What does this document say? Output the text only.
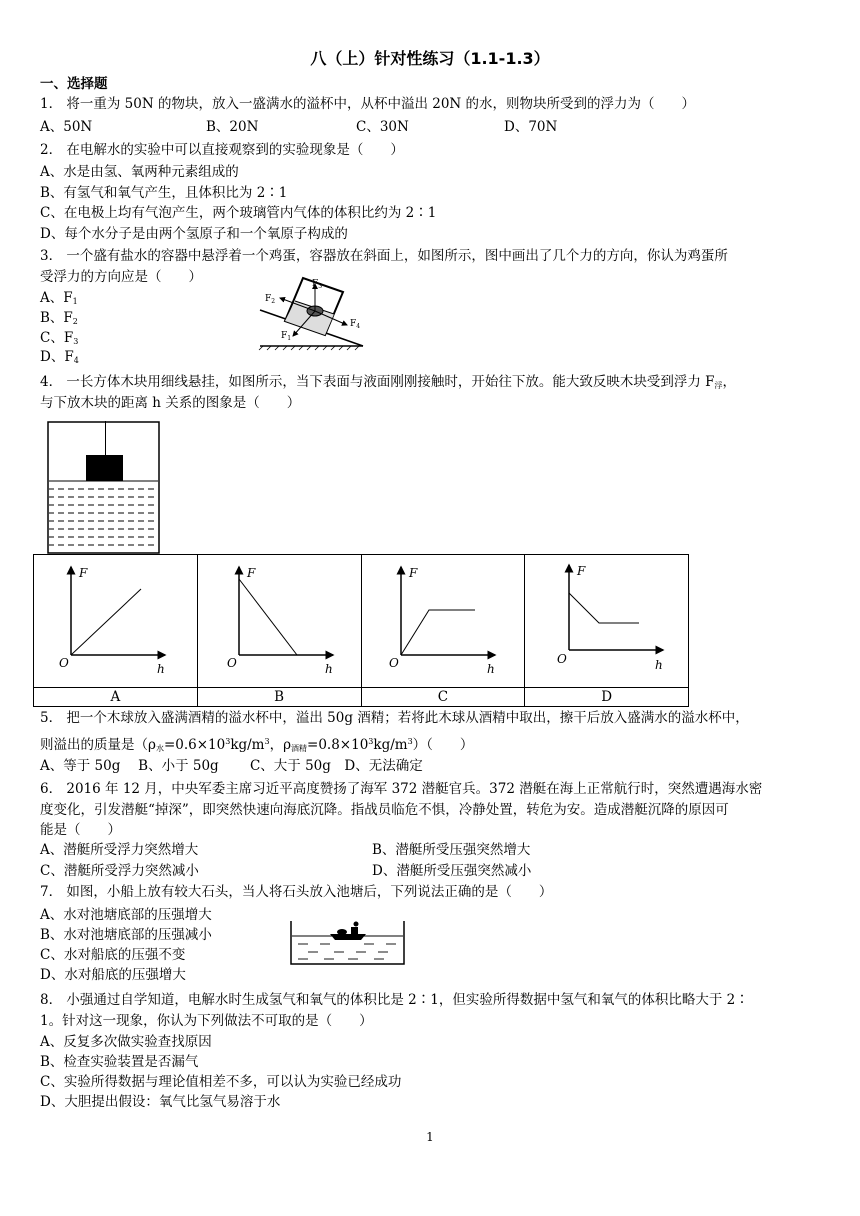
八（上）针对性练习（1.1-1.3）
一、选择题
1． 将一重为 50N 的物块，放入一盛满水的溢杯中，从杯中溢出 20N 的水，则物块所受到的浮力为（　　）
A、50N	B、20N	C、30N	D、70N
2． 在电解水的实验中可以直接观察到的实验现象是（　　）
A、水是由氢、氧两种元素组成的
B、有氢气和氧气产生，且体积比为 2∶1
C、在电极上均有气泡产生，两个玻璃管内气体的体积比约为 2∶1
D、每个水分子是由两个氢原子和一个氧原子构成的
3． 一个盛有盐水的容器中悬浮着一个鸡蛋，容器放在斜面上，如图所示，图中画出了几个力的方向，你认为鸡蛋所
受浮力的方向应是（　　）
A、$F_1$
B、$F_2$
C、$F_3$
D、$F_4$
$F_3$
$F_2$
$F_4$
$F_1$
4． 一长方体木块用细线悬挂，如图所示，当下表面与液面刚刚接触时，开始往下放。能大致反映木块受到浮力 $F_浮$，
与下放木块的距离 h 关系的图象是（　　）
F
h
O	F
h
O	F
h
O	F
h
O

A	B	C	D
5． 把一个木球放入盛满酒精的溢水杯中，溢出 50g 酒精；若将此木球从酒精中取出，擦干后放入盛满水的溢水杯中，
则溢出的质量是（$\rho_水=0.6\times 10^3kg/m^3$，$\rho_{酒精}=0.8\times 10^3kg/m^3$）（　　）
A、等于 50g　 B、小于 50g　　 C、大于 50g　D、无法确定
6． 2016 年 12 月，中央军委主席习近平高度赞扬了海军 372 潜艇官兵。372 潜艇在海上正常航行时，突然遭遇海水密
度变化，引发潜艇“掉深”，即突然快速向海底沉降。指战员临危不惧，冷静处置，转危为安。造成潜艇沉降的原因可
能是（　　）
A、潜艇所受浮力突然增大	B、潜艇所受压强突然增大
C、潜艇所受浮力突然减小	D、潜艇所受压强突然减小
7． 如图，小船上放有较大石头，当人将石头放入池塘后，下列说法正确的是（　　）
A、水对池塘底部的压强增大
B、水对池塘底部的压强减小
C、水对船底的压强不变
D、水对船底的压强增大
8． 小强通过自学知道，电解水时生成氢气和氧气的体积比是 2∶1，但实验所得数据中氢气和氧气的体积比略大于 2∶
1。针对这一现象，你认为下列做法不可取的是（　　）
A、反复多次做实验查找原因
B、检查实验装置是否漏气
C、实验所得数据与理论值相差不多，可以认为实验已经成功
D、大胆提出假设：氧气比氢气易溶于水
1
